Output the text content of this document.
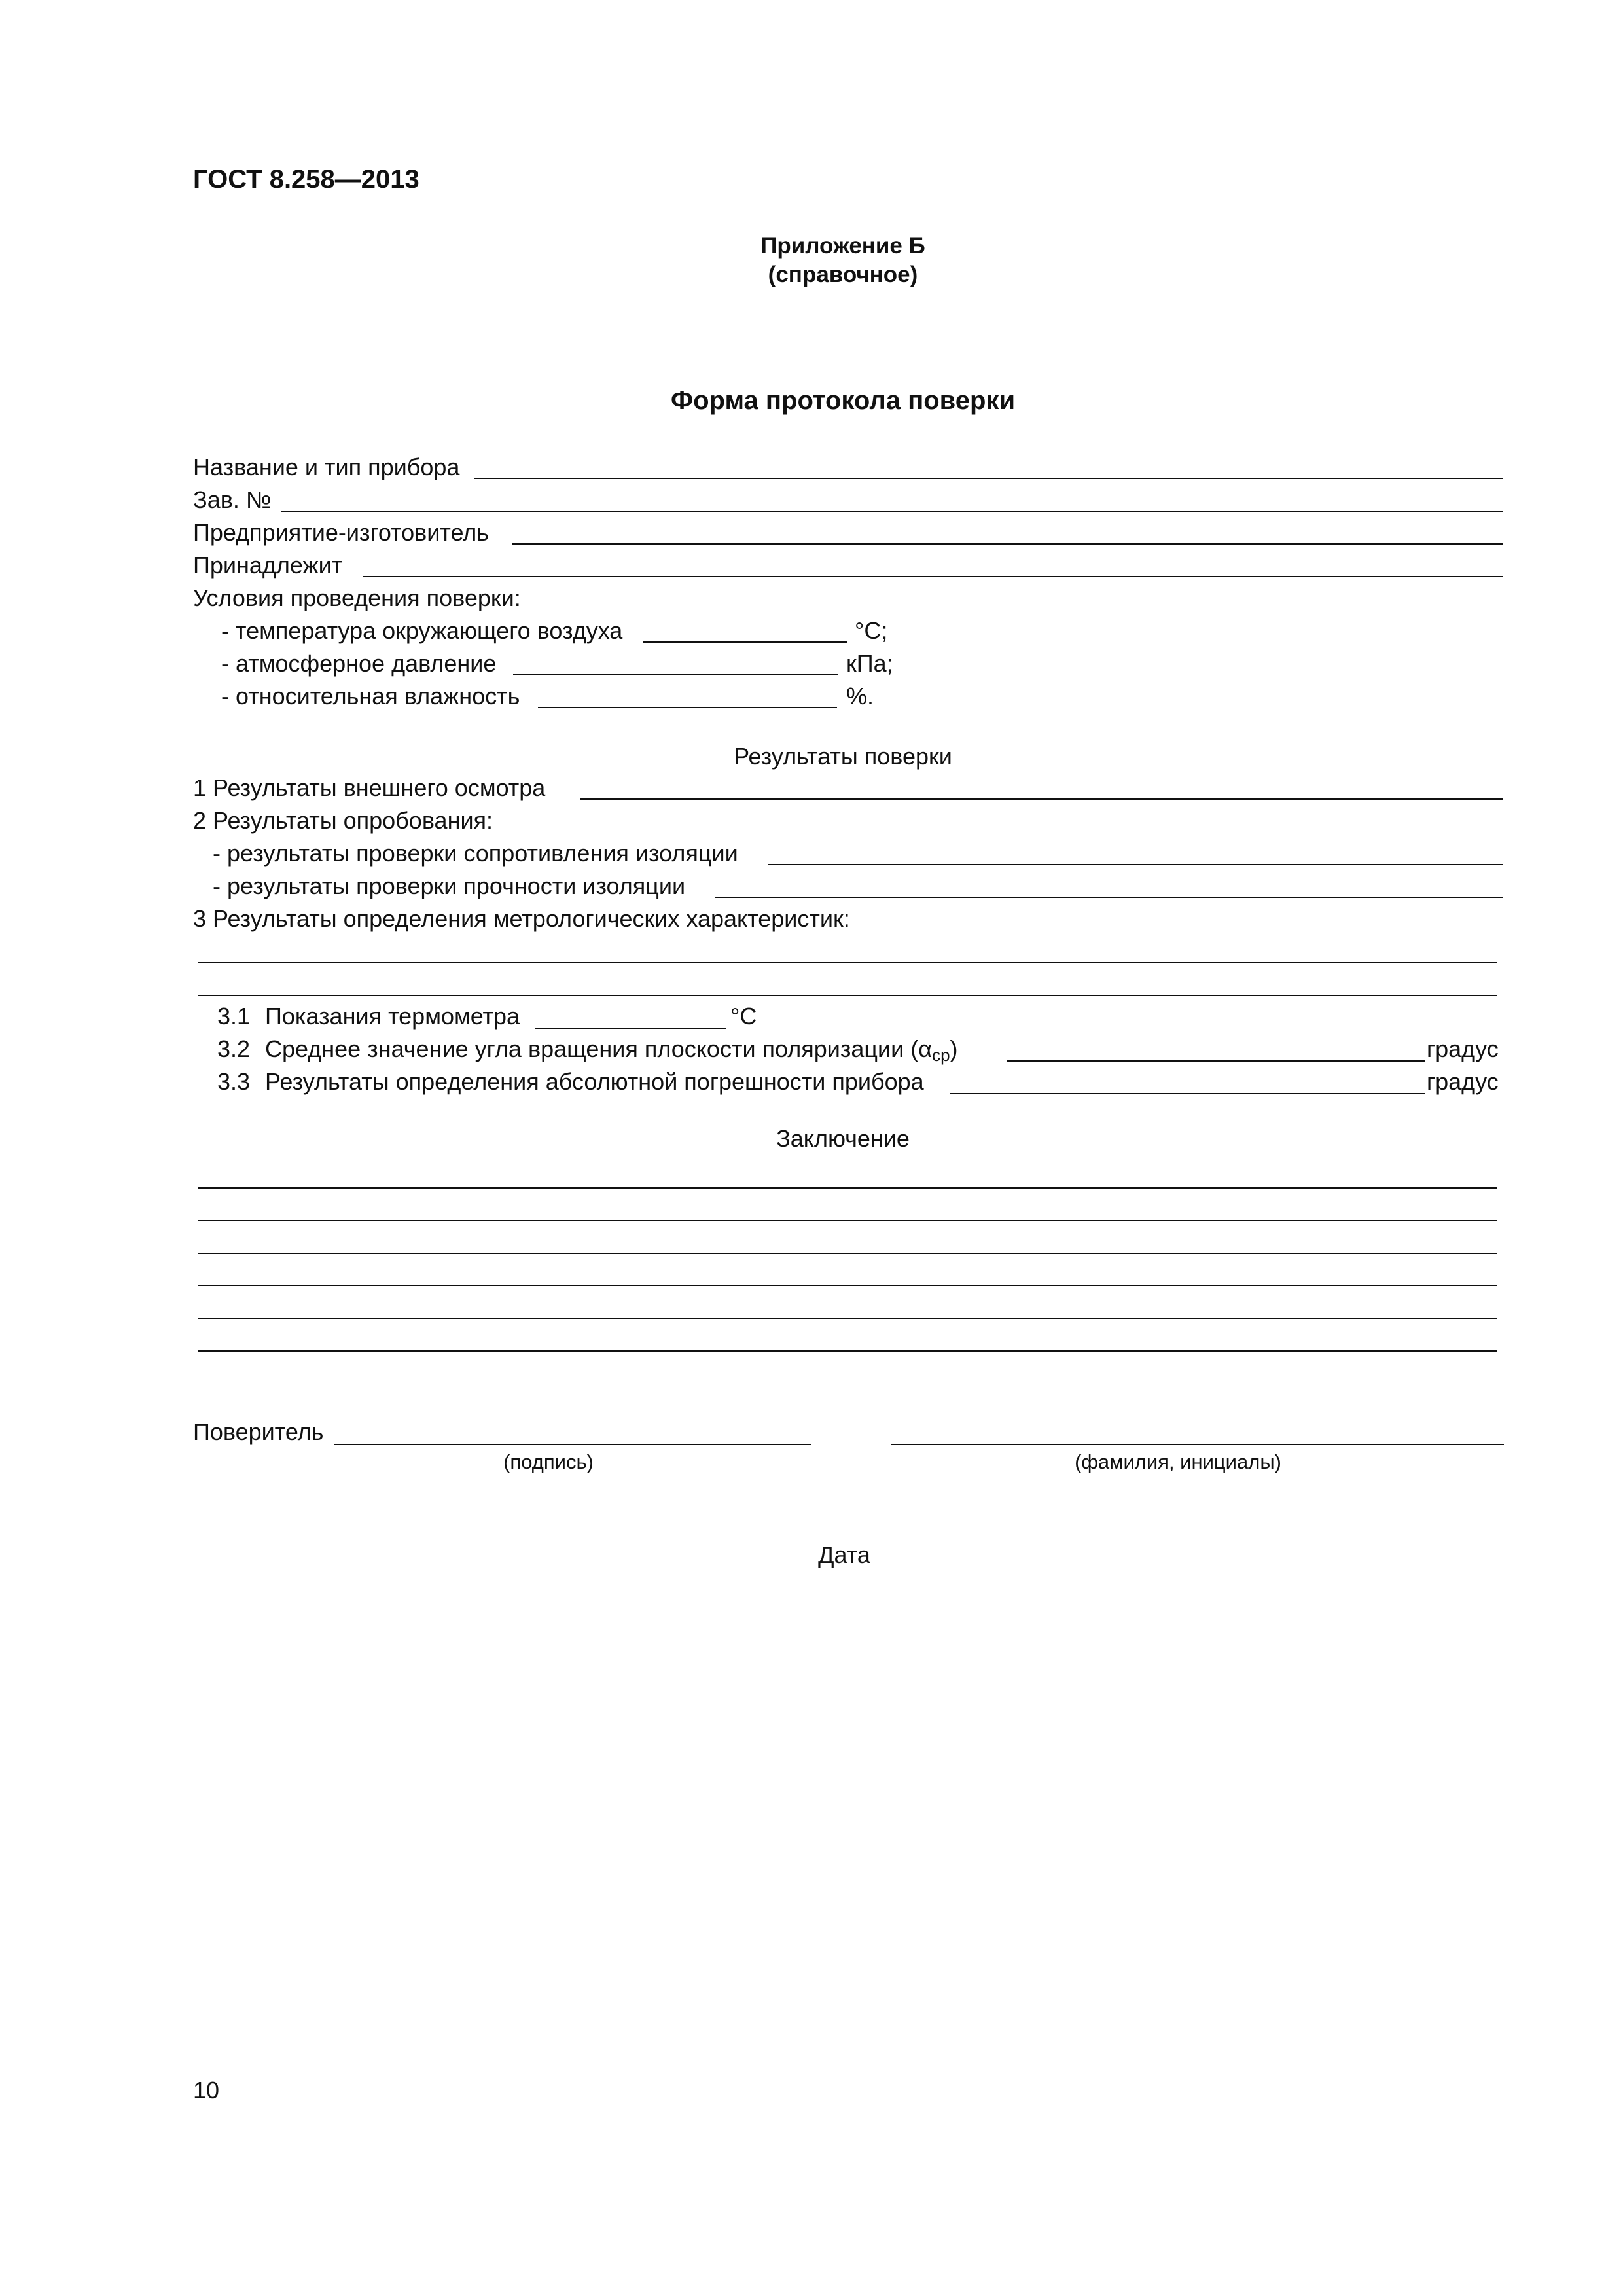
ГОСТ 8.258—2013
Приложение Б
(справочное)
Форма протокола поверки
Название и тип прибора
Зав. №
Предприятие-изготовитель
Принадлежит
Условия проведения поверки:
- температура окружающего воздуха	°С;
- атмосферное давление	кПа;
- относительная влажность	%.
Результаты поверки
1 Результаты внешнего осмотра
2 Результаты опробования:
- результаты проверки сопротивления изоляции
- результаты проверки прочности изоляции
3 Результаты определения метрологических характеристик:
3.1 Показания термометра	°С
3.2 Среднее значение угла вращения плоскости поляризации $(\alpha_{ср})$	градус
3.3 Результаты определения абсолютной погрешности прибора	градус
Заключение
Поверитель
(подпись)	(фамилия, инициалы)
Дата
10
